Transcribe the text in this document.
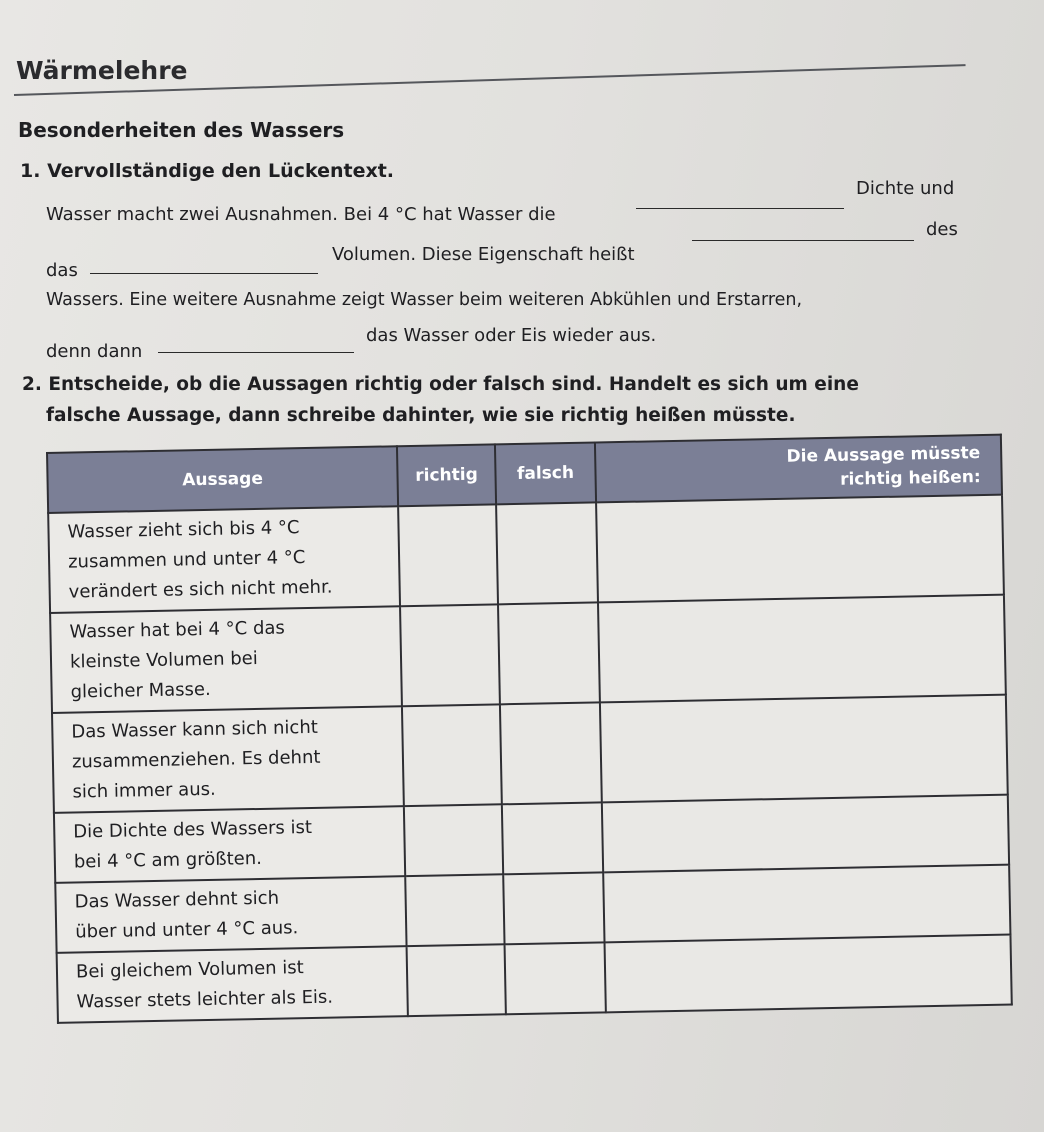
Wärmelehre
Besonderheiten des Wassers
1. Vervollständige den Lückentext.
Wasser macht zwei Ausnahmen. Bei 4 °C hat Wasser die
Dichte und
das
Volumen. Diese Eigenschaft heißt
des
Wassers. Eine weitere Ausnahme zeigt Wasser beim weiteren Abkühlen und Erstarren,
denn dann
das Wasser oder Eis wieder aus.
2. Entscheide, ob die Aussagen richtig oder falsch sind. Handelt es sich um eine
falsche Aussage, dann schreibe dahinter, wie sie richtig heißen müsste.
Aussage	richtig	falsch	Die Aussage müsste
richtig heißen:

Wasser zieht sich bis 4 °C
zusammen und unter 4 °C
verändert es sich nicht mehr.			

Wasser hat bei 4 °C das
kleinste Volumen bei
gleicher Masse.			

Das Wasser kann sich nicht
zusammenziehen. Es dehnt
sich immer aus.			

Die Dichte des Wassers ist
bei 4 °C am größten.			

Das Wasser dehnt sich
über und unter 4 °C aus.			

Bei gleichem Volumen ist
Wasser stets leichter als Eis.			
